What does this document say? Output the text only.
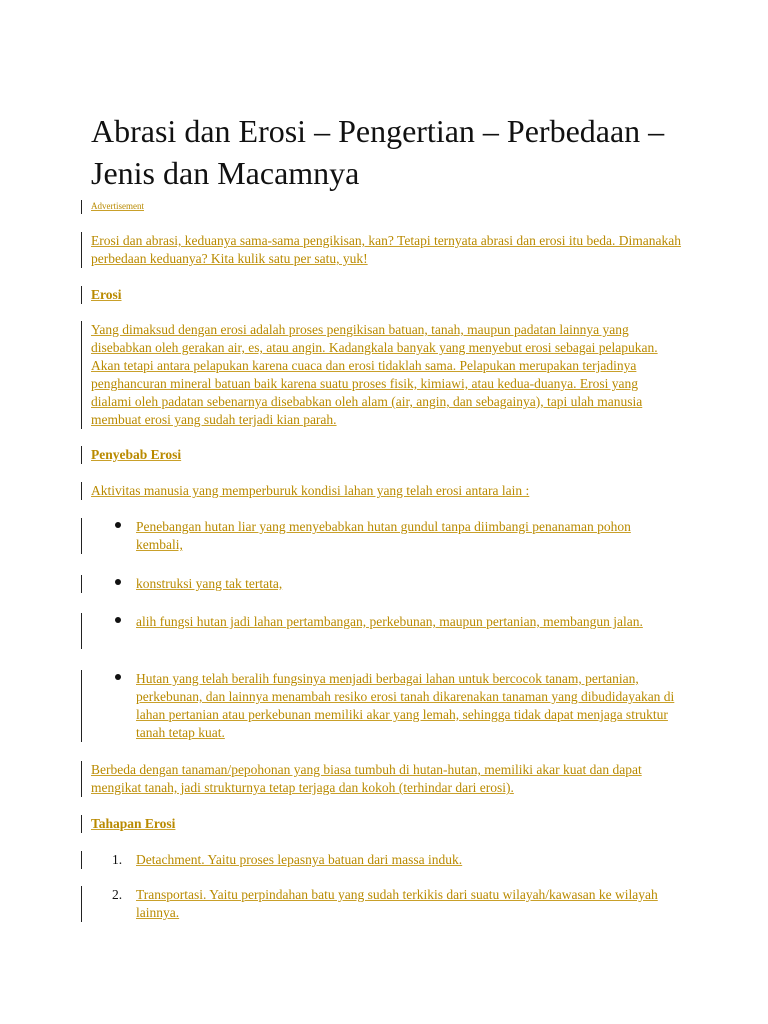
Abrasi dan Erosi – Pengertian – Perbedaan – Jenis dan Macamnya
Advertisement
Erosi dan abrasi, keduanya sama-sama pengikisan, kan? Tetapi ternyata abrasi dan erosi itu beda. Dimanakah perbedaan keduanya? Kita kulik satu per satu, yuk!
Erosi
Yang dimaksud dengan erosi adalah proses pengikisan batuan, tanah, maupun padatan lainnya yang disebabkan oleh gerakan air, es, atau angin. Kadangkala banyak yang menyebut erosi sebagai pelapukan. Akan tetapi antara pelapukan karena cuaca dan erosi tidaklah sama. Pelapukan merupakan terjadinya penghancuran mineral batuan baik karena suatu proses fisik, kimiawi, atau kedua-duanya. Erosi yang dialami oleh padatan sebenarnya disebabkan oleh alam (air, angin, dan sebagainya), tapi ulah manusia membuat erosi yang sudah terjadi kian parah.
Penyebab Erosi
Aktivitas manusia yang memperburuk kondisi lahan yang telah erosi antara lain :
Penebangan hutan liar yang menyebabkan hutan gundul tanpa diimbangi penanaman pohon kembali,
konstruksi yang tak tertata,
alih fungsi hutan jadi lahan pertambangan, perkebunan, maupun pertanian, membangun jalan.
Hutan yang telah beralih fungsinya menjadi berbagai lahan untuk bercocok tanam, pertanian, perkebunan, dan lainnya menambah resiko erosi tanah dikarenakan tanaman yang dibudidayakan di lahan pertanian atau perkebunan memiliki akar yang lemah, sehingga tidak dapat menjaga struktur tanah tetap kuat.
Berbeda dengan tanaman/pepohonan yang biasa tumbuh di hutan-hutan, memiliki akar kuat dan dapat mengikat tanah, jadi strukturnya tetap terjaga dan kokoh (terhindar dari erosi).
Tahapan Erosi
1. Detachment. Yaitu proses lepasnya batuan dari massa induk.
2. Transportasi. Yaitu perpindahan batu yang sudah terkikis dari suatu wilayah/kawasan ke wilayah lainnya.
